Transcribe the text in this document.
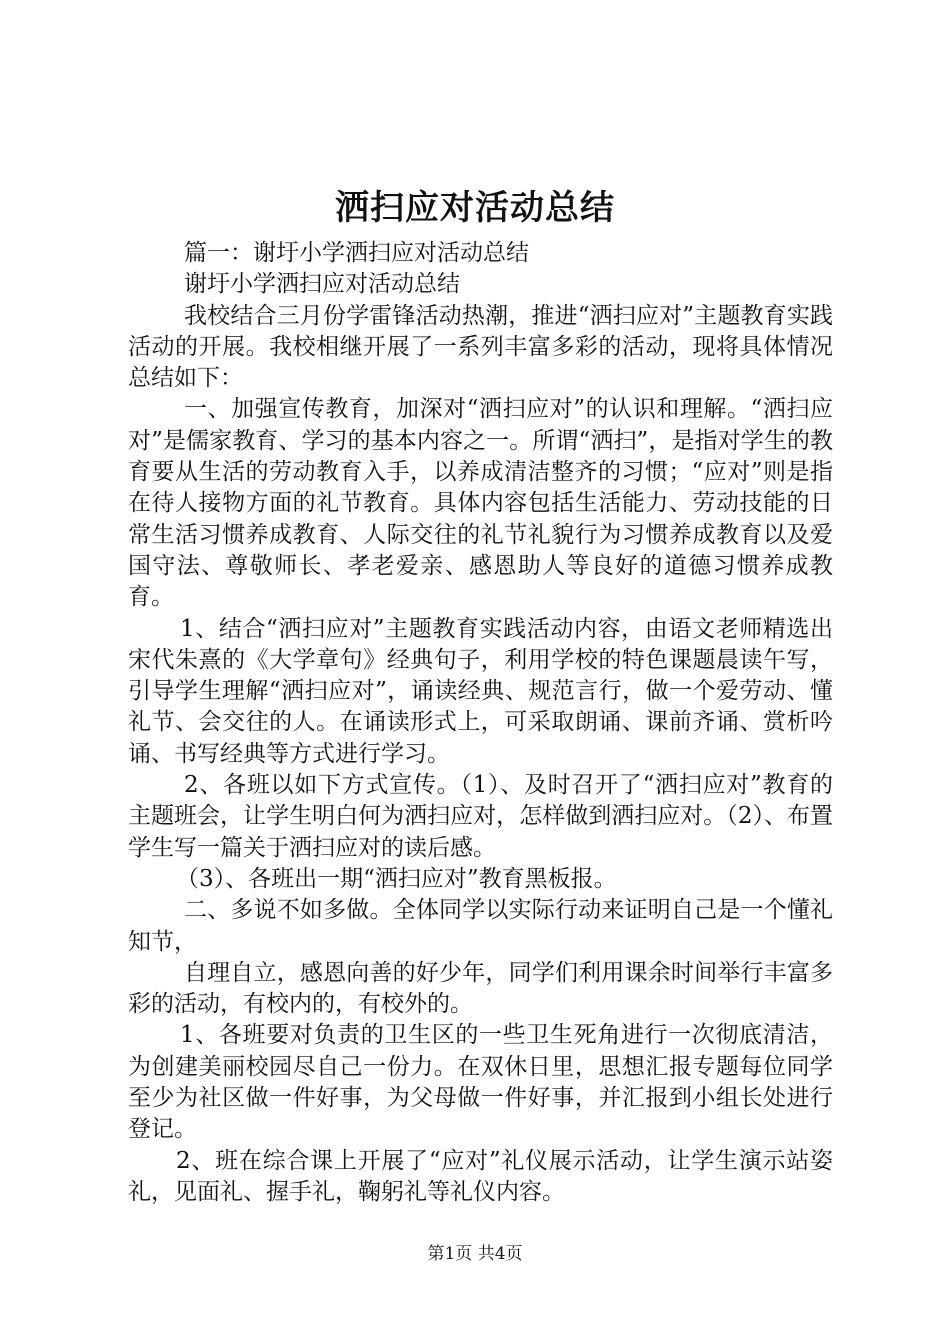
洒扫应对活动总结

篇一：谢圩小学洒扫应对活动总结

谢圩小学洒扫应对活动总结

我校结合三月份学雷锋活动热潮，推进“洒扫应对”主题教育实践活动的开展。我校相继开展了一系列丰富多彩的活动，现将具体情况总结如下：

一、加强宣传教育，加深对“洒扫应对”的认识和理解。“洒扫应对”是儒家教育、学习的基本内容之一。所谓“洒扫”，是指对学生的教育要从生活的劳动教育入手，以养成清洁整齐的习惯；“应对”则是指在待人接物方面的礼节教育。具体内容包括生活能力、劳动技能的日常生活习惯养成教育、人际交往的礼节礼貌行为习惯养成教育以及爱国守法、尊敬师长、孝老爱亲、感恩助人等良好的道德习惯养成教育。

1、结合“洒扫应对”主题教育实践活动内容，由语文老师精选出宋代朱熹的《大学章句》经典句子，利用学校的特色课题晨读午写，引导学生理解“洒扫应对”，诵读经典、规范言行，做一个爱劳动、懂礼节、会交往的人。在诵读形式上，可采取朗诵、课前齐诵、赏析吟诵、书写经典等方式进行学习。

2、各班以如下方式宣传。（1）、及时召开了“洒扫应对”教育的主题班会，让学生明白何为洒扫应对，怎样做到洒扫应对。（2）、布置学生写一篇关于洒扫应对的读后感。

（3）、各班出一期“洒扫应对”教育黑板报。

二、多说不如多做。全体同学以实际行动来证明自己是一个懂礼知节，

自理自立，感恩向善的好少年，同学们利用课余时间举行丰富多彩的活动，有校内的，有校外的。

1、各班要对负责的卫生区的一些卫生死角进行一次彻底清洁，为创建美丽校园尽自己一份力。在双休日里，思想汇报专题每位同学至少为社区做一件好事，为父母做一件好事，并汇报到小组长处进行登记。

2、班在综合课上开展了“应对”礼仪展示活动，让学生演示站姿礼，见面礼、握手礼，鞠躬礼等礼仪内容。

第1页 共4页
